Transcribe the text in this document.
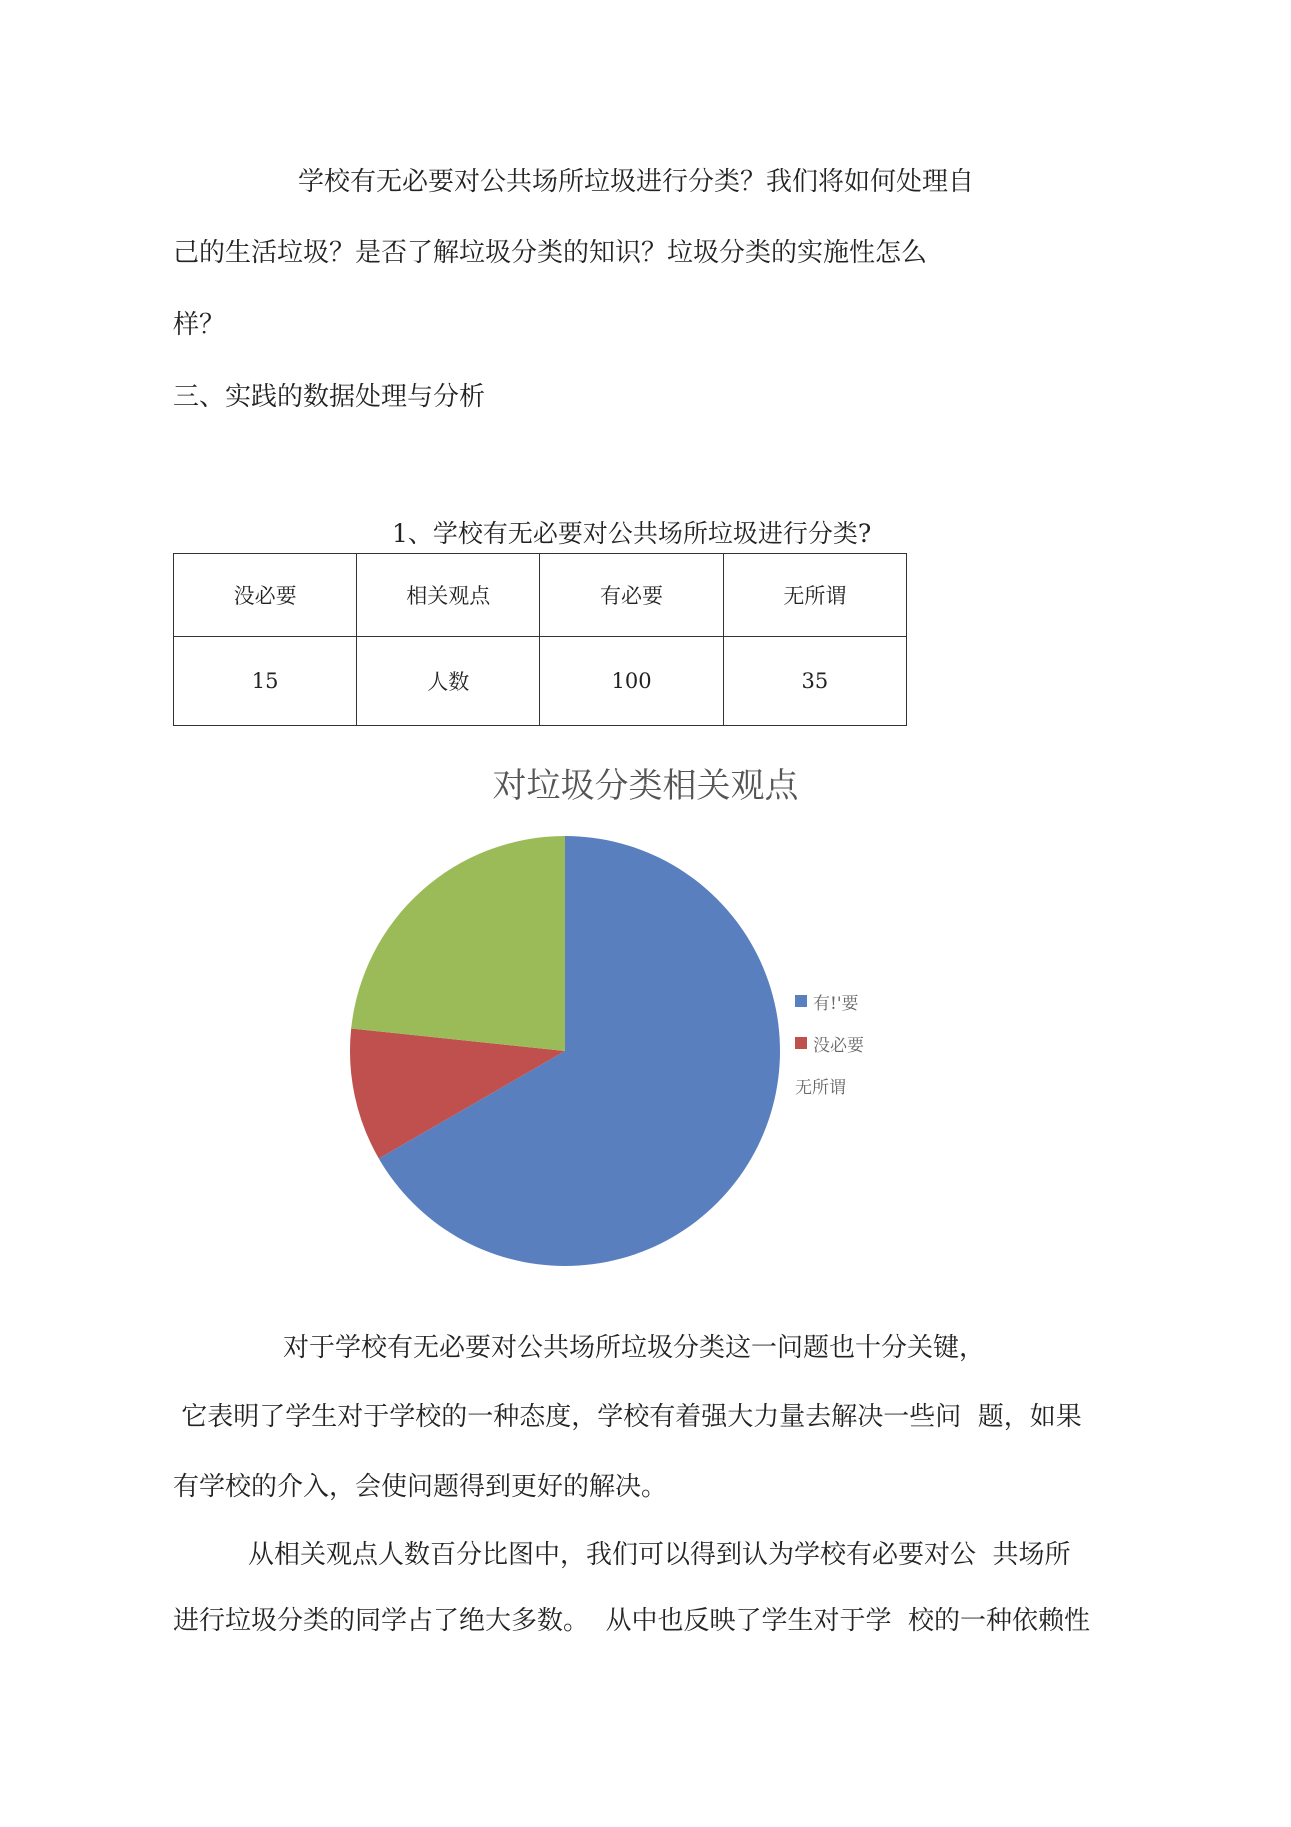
学校有无必要对公共场所垃圾进行分类？我们将如何处理自
己的生活垃圾？是否了解垃圾分类的知识？垃圾分类的实施性怎么
样？
三、实践的数据处理与分析
1、学校有无必要对公共场所垃圾进行分类?
没必要	相关观点	有必要	无所谓
15	人数	100	35
对垃圾分类相关观点
有!'要
没必要
无所谓
对于学校有无必要对公共场所垃圾分类这一问题也十分关键，
它表明了学生对于学校的一种态度，学校有着强大力量去解决一些问  题，如果
有学校的介入，会使问题得到更好的解决。
从相关观点人数百分比图中，我们可以得到认为学校有必要对公  共场所
进行垃圾分类的同学占了绝大多数。  从中也反映了学生对于学  校的一种依赖性
